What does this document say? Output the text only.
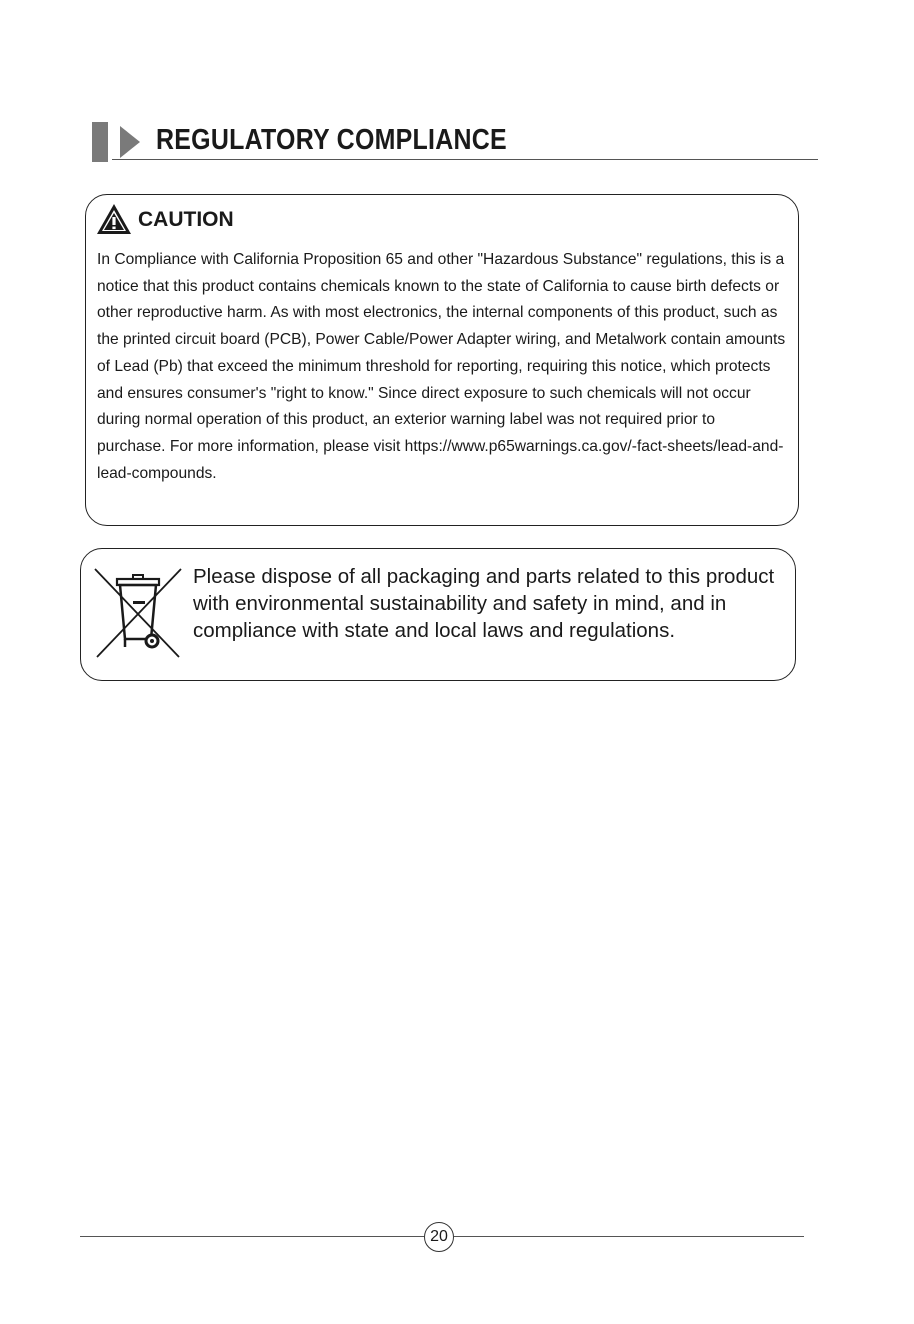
REGULATORY COMPLIANCE
CAUTION
In Compliance with California Proposition 65 and other "Hazardous Substance" regulations, this is a notice that this product contains chemicals known to the state of California to cause birth defects or other reproductive harm. As with most electronics, the internal components of this product, such as the printed circuit board (PCB), Power Cable/Power Adapter wiring, and Metalwork contain amounts of Lead (Pb) that exceed the minimum threshold for reporting, requiring this notice, which protects and ensures consumer's "right to know." Since direct exposure to such chemicals will not occur during normal operation of this product, an exterior warning label was not required prior to purchase. For more information, please visit https://www.p65warnings.ca.gov/-fact-sheets/lead-and-lead-compounds.
Please dispose of all packaging and parts related to this product with environmental sustainability and safety in mind, and in compliance with state and local laws and regulations.
20
